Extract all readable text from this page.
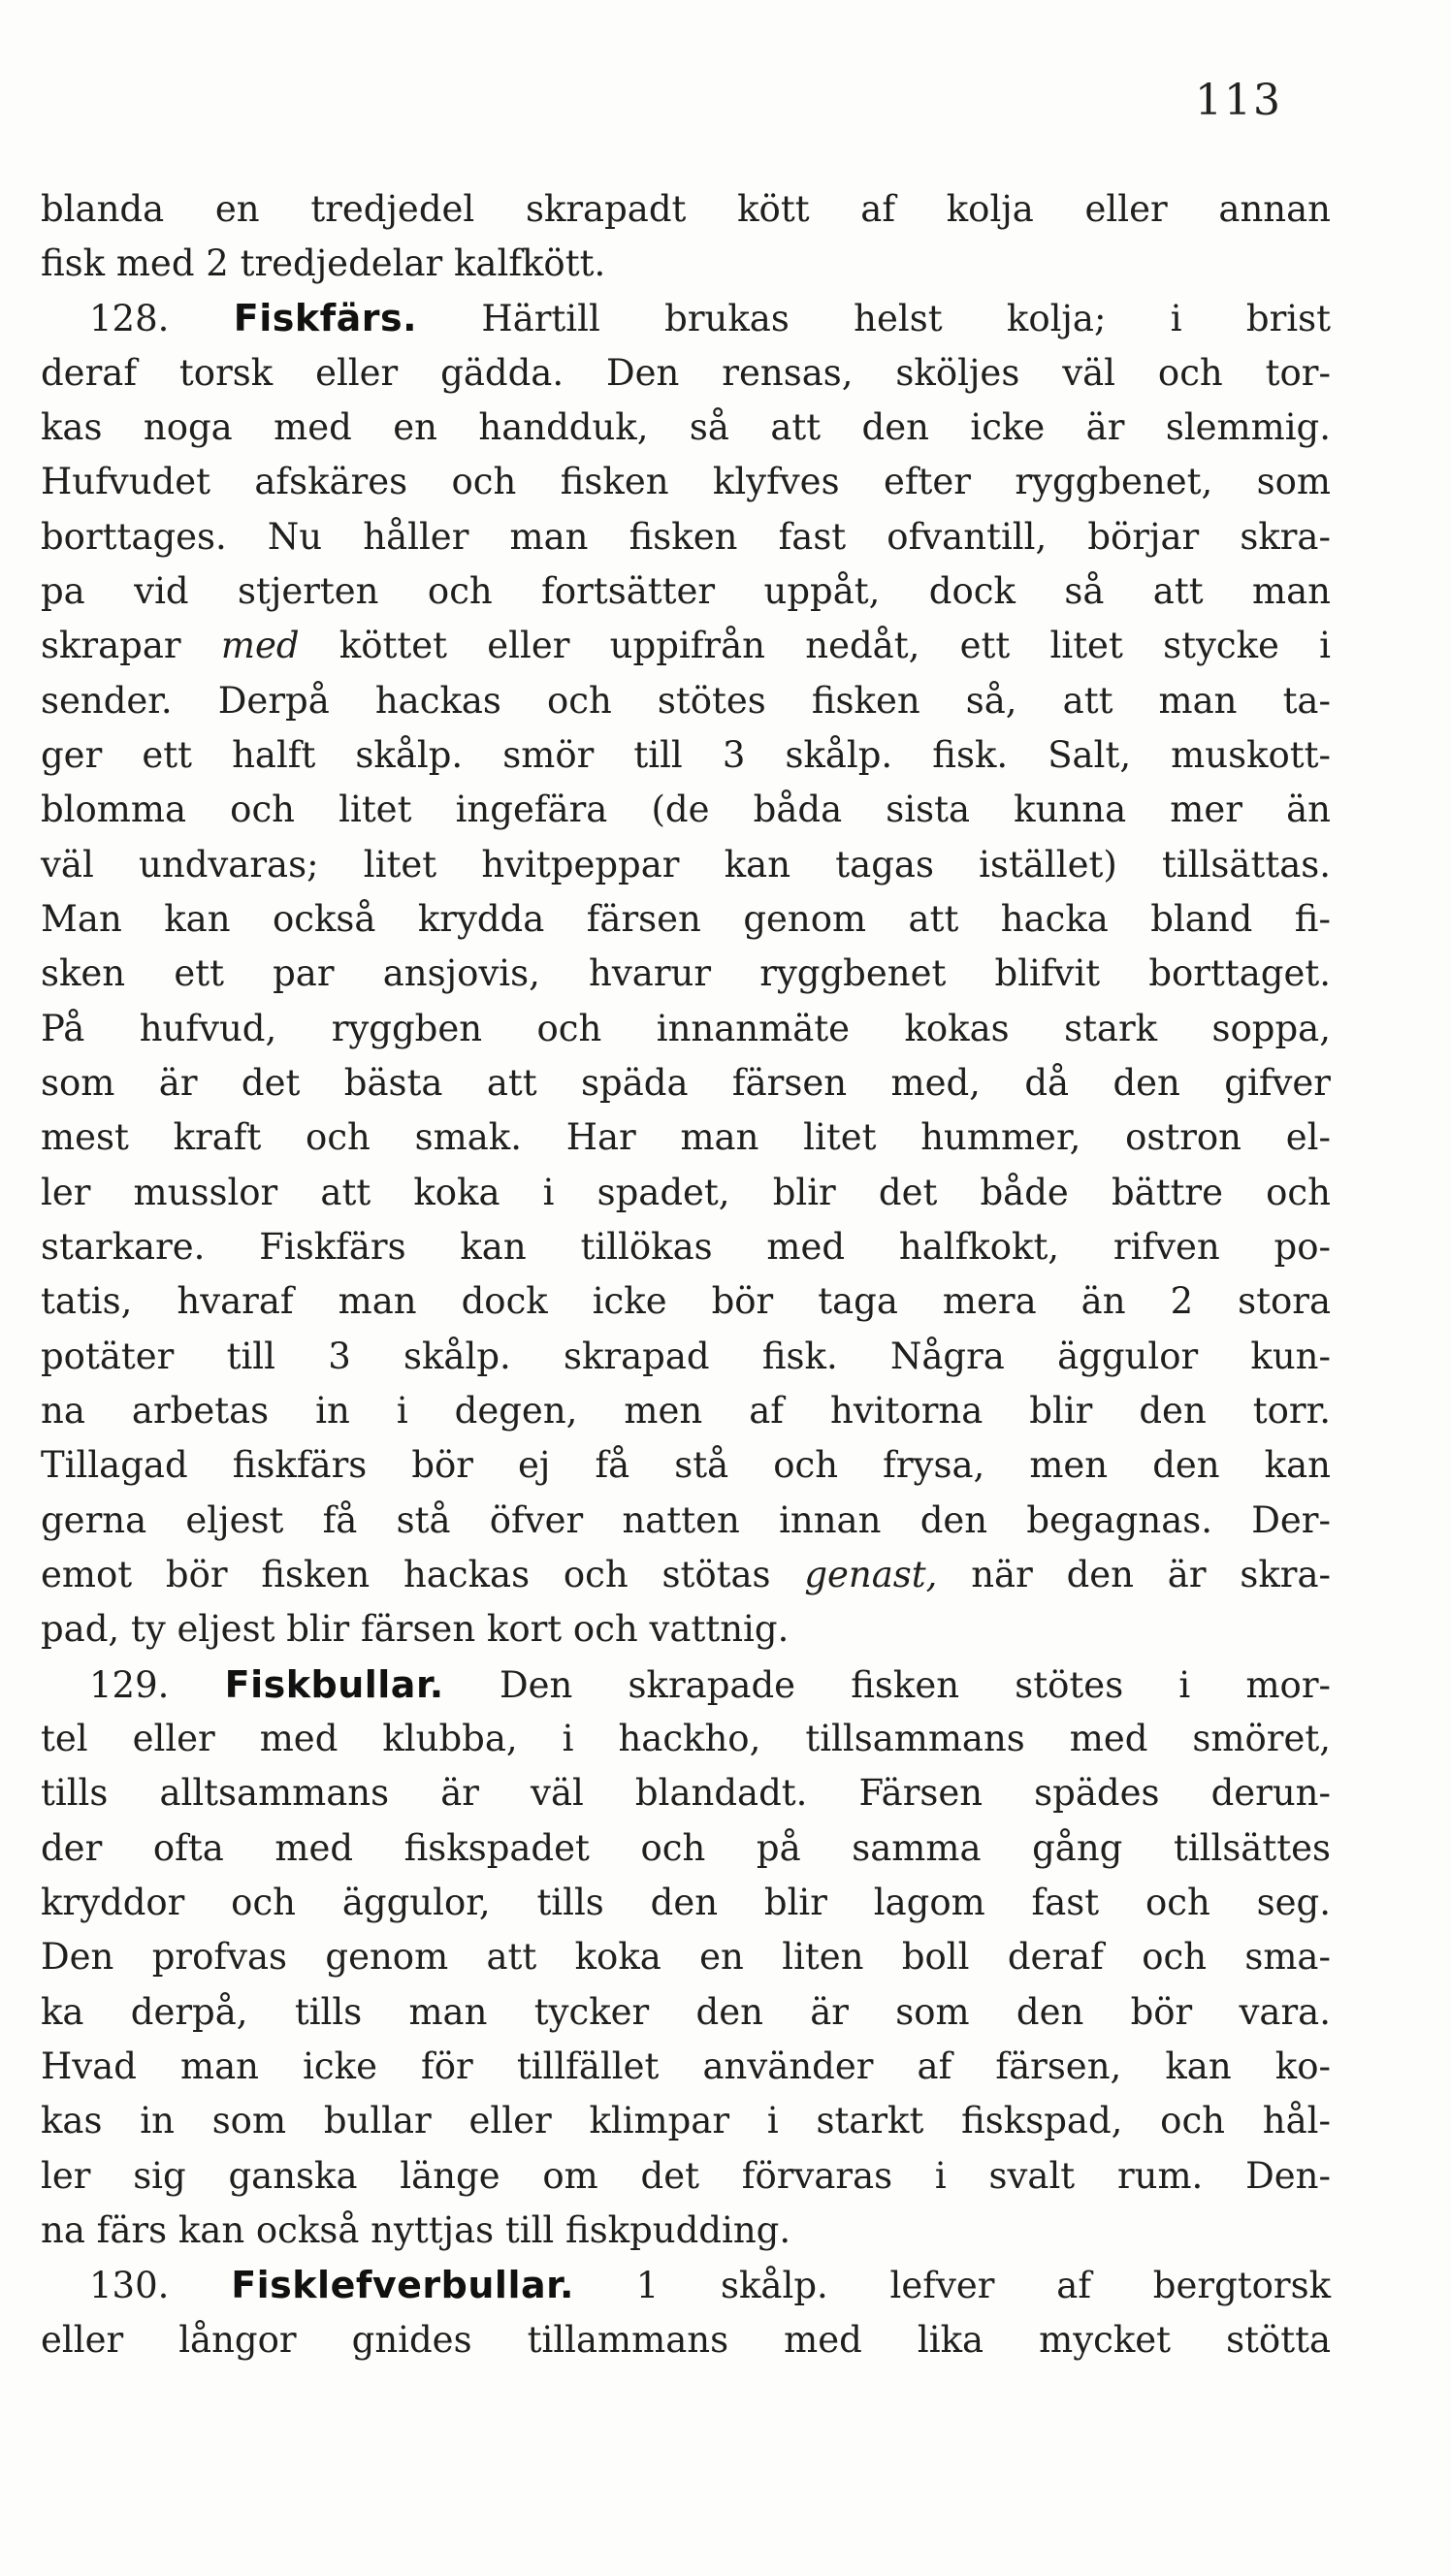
113
blanda en tredjedel skrapadt kött af kolja eller annan
fisk med 2 tredjedelar kalfkött.
128. Fiskfärs. Härtill brukas helst kolja; i brist
deraf torsk eller gädda. Den rensas, sköljes väl och tor-
kas noga med en handduk, så att den icke är slemmig.
Hufvudet afskäres och fisken klyfves efter ryggbenet, som
borttages. Nu håller man fisken fast ofvantill, börjar skra-
pa vid stjerten och fortsätter uppåt, dock så att man
skrapar med köttet eller uppifrån nedåt, ett litet stycke i
sender. Derpå hackas och stötes fisken så, att man ta-
ger ett halft skålp. smör till 3 skålp. fisk. Salt, muskott-
blomma och litet ingefära (de båda sista kunna mer än
väl undvaras; litet hvitpeppar kan tagas istället) tillsättas.
Man kan också krydda färsen genom att hacka bland fi-
sken ett par ansjovis, hvarur ryggbenet blifvit borttaget.
På hufvud, ryggben och innanmäte kokas stark soppa,
som är det bästa att späda färsen med, då den gifver
mest kraft och smak. Har man litet hummer, ostron el-
ler musslor att koka i spadet, blir det både bättre och
starkare. Fiskfärs kan tillökas med halfkokt, rifven po-
tatis, hvaraf man dock icke bör taga mera än 2 stora
potäter till 3 skålp. skrapad fisk. Några äggulor kun-
na arbetas in i degen, men af hvitorna blir den torr.
Tillagad fiskfärs bör ej få stå och frysa, men den kan
gerna eljest få stå öfver natten innan den begagnas. Der-
emot bör fisken hackas och stötas genast, när den är skra-
pad, ty eljest blir färsen kort och vattnig.
129. Fiskbullar. Den skrapade fisken stötes i mor-
tel eller med klubba, i hackho, tillsammans med smöret,
tills alltsammans är väl blandadt. Färsen spädes derun-
der ofta med fiskspadet och på samma gång tillsättes
kryddor och äggulor, tills den blir lagom fast och seg.
Den profvas genom att koka en liten boll deraf och sma-
ka derpå, tills man tycker den är som den bör vara.
Hvad man icke för tillfället använder af färsen, kan ko-
kas in som bullar eller klimpar i starkt fiskspad, och hål-
ler sig ganska länge om det förvaras i svalt rum. Den-
na färs kan också nyttjas till fiskpudding.
130. Fisklefverbullar. 1 skålp. lefver af bergtorsk
eller långor gnides tillammans med lika mycket stötta
